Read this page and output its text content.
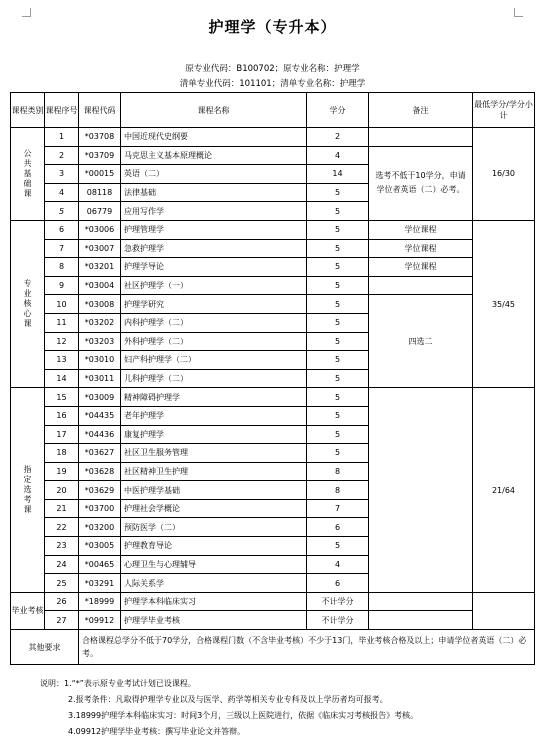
护理学（专升本）
原专业代码：B100702；原专业名称：护理学
清单专业代码：101101；清单专业名称：护理学
课程类别	课程序号	课程代码	课程名称	学分	备注	最低学分/学分小计
公共基础课	1	*03708	中国近现代史纲要	2		16/30
	2	*03709	马克思主义基本原理概论	4	选考不低于10学分，申请学位者英语（二）必考。	
	3	*00015	英语（二）	14		
	4	08118	法律基础	5		
	5	06779	应用写作学	5		
专业核心课	6	*03006	护理管理学	5	学位课程	35/45
	7	*03007	急救护理学	5	学位课程	
	8	*03201	护理学导论	5	学位课程	
	9	*03004	社区护理学（一）	5		
	10	*03008	护理学研究	5	四选二	
	11	*03202	内科护理学（二）	5		
	12	*03203	外科护理学（二）	5		
	13	*03010	妇产科护理学（二）	5		
	14	*03011	儿科护理学（二）	5		
指定选考课	15	*03009	精神障碍护理学	5		21/64
	16	*04435	老年护理学	5		
	17	*04436	康复护理学	5		
	18	*03627	社区卫生服务管理	5		
	19	*03628	社区精神卫生护理	8		
	20	*03629	中医护理学基础	8		
	21	*03700	护理社会学概论	7		
	22	*03200	预防医学（二）	6		
	23	*03005	护理教育导论	5		
	24	*00465	心理卫生与心理辅导	4		
	25	*03291	人际关系学	6		
毕业考核	26	*18999	护理学本科临床实习	不计学分		
	27	*09912	护理学毕业考核	不计学分		
其他要求		合格课程总学分不低于70学分，合格课程门数（不含毕业考核）不少于13门，毕业考核合格及以上；申请学位者英语（二）必考。				
说明：1.“*”表示原专业考试计划已设课程。
2.报考条件：凡取得护理学专业以及与医学、药学等相关专业专科及以上学历者均可报考。
3.18999护理学本科临床实习：时间3个月，三级以上医院进行，依据《临床实习考核报告》考核。
4.09912护理学毕业考核：撰写毕业论文并答辩。
